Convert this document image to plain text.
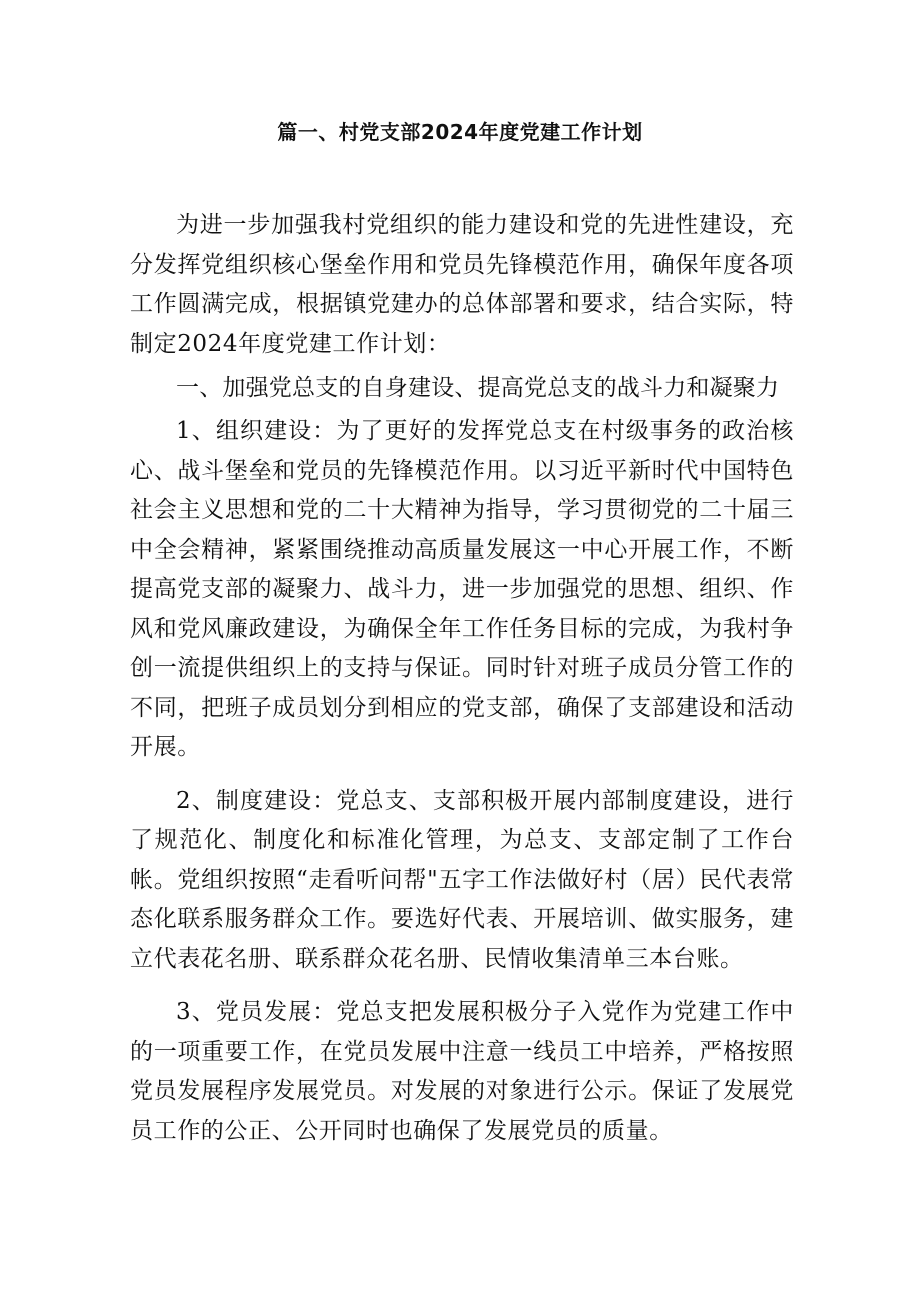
篇一、村党支部2024年度党建工作计划

为进一步加强我村党组织的能力建设和党的先进性建设，充分发挥党组织核心堡垒作用和党员先锋模范作用，确保年度各项工作圆满完成，根据镇党建办的总体部署和要求，结合实际，特制定2024年度党建工作计划：

一、加强党总支的自身建设、提高党总支的战斗力和凝聚力

1、组织建设：为了更好的发挥党总支在村级事务的政治核心、战斗堡垒和党员的先锋模范作用。以习近平新时代中国特色社会主义思想和党的二十大精神为指导，学习贯彻党的二十届三中全会精神，紧紧围绕推动高质量发展这一中心开展工作，不断提高党支部的凝聚力、战斗力，进一步加强党的思想、组织、作风和党风廉政建设，为确保全年工作任务目标的完成，为我村争创一流提供组织上的支持与保证。同时针对班子成员分管工作的不同，把班子成员划分到相应的党支部，确保了支部建设和活动开展。

2、制度建设：党总支、支部积极开展内部制度建设，进行了规范化、制度化和标准化管理，为总支、支部定制了工作台帐。党组织按照“走看听问帮"五字工作法做好村（居）民代表常态化联系服务群众工作。要选好代表、开展培训、做实服务，建立代表花名册、联系群众花名册、民情收集清单三本台账。

3、党员发展：党总支把发展积极分子入党作为党建工作中的一项重要工作，在党员发展中注意一线员工中培养，严格按照党员发展程序发展党员。对发展的对象进行公示。保证了发展党员工作的公正、公开同时也确保了发展党员的质量。
